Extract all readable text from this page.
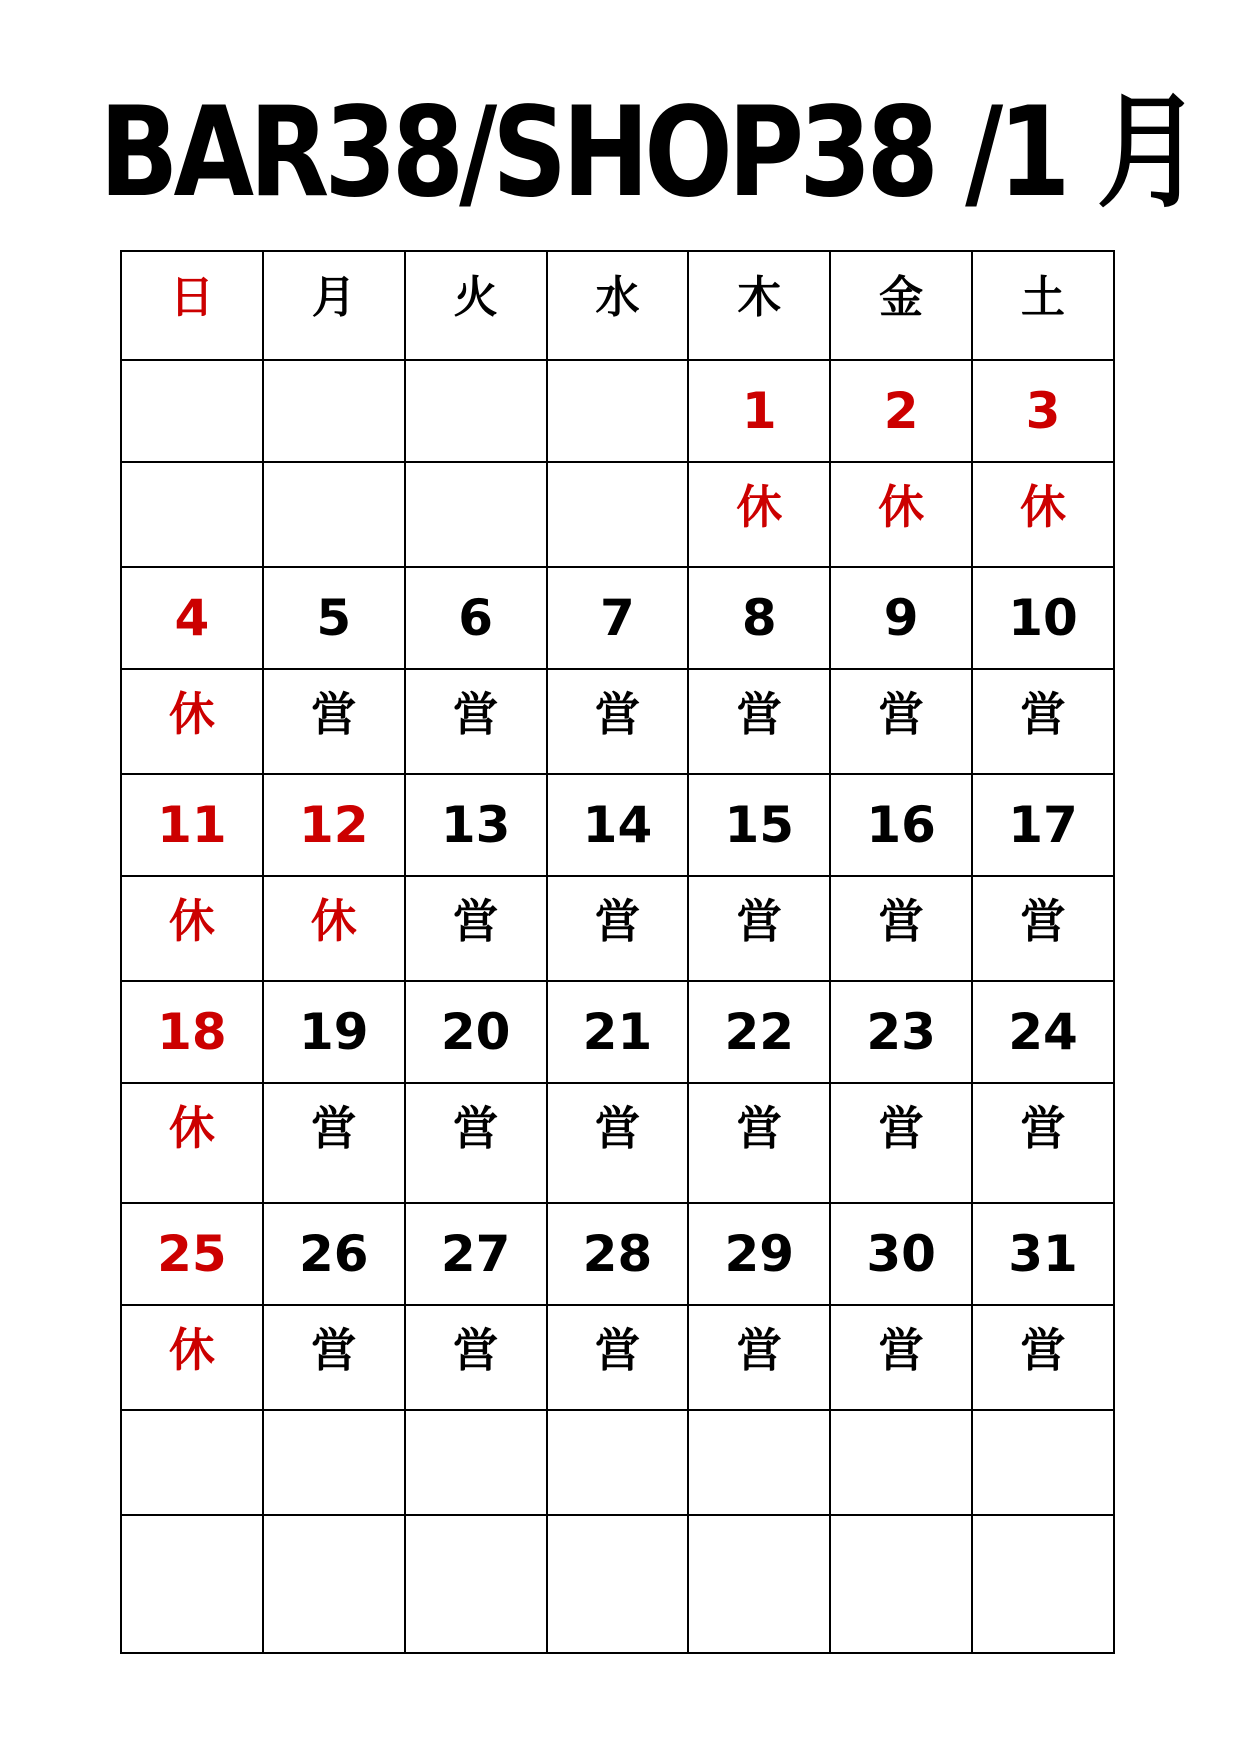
BAR38/SHOP38 /1 月
日	月	火	水	木	金	土
				1	2	3
				休	休	休
4	5	6	7	8	9	10
休	営	営	営	営	営	営
11	12	13	14	15	16	17
休	休	営	営	営	営	営
18	19	20	21	22	23	24
休	営	営	営	営	営	営
25	26	27	28	29	30	31
休	営	営	営	営	営	営
